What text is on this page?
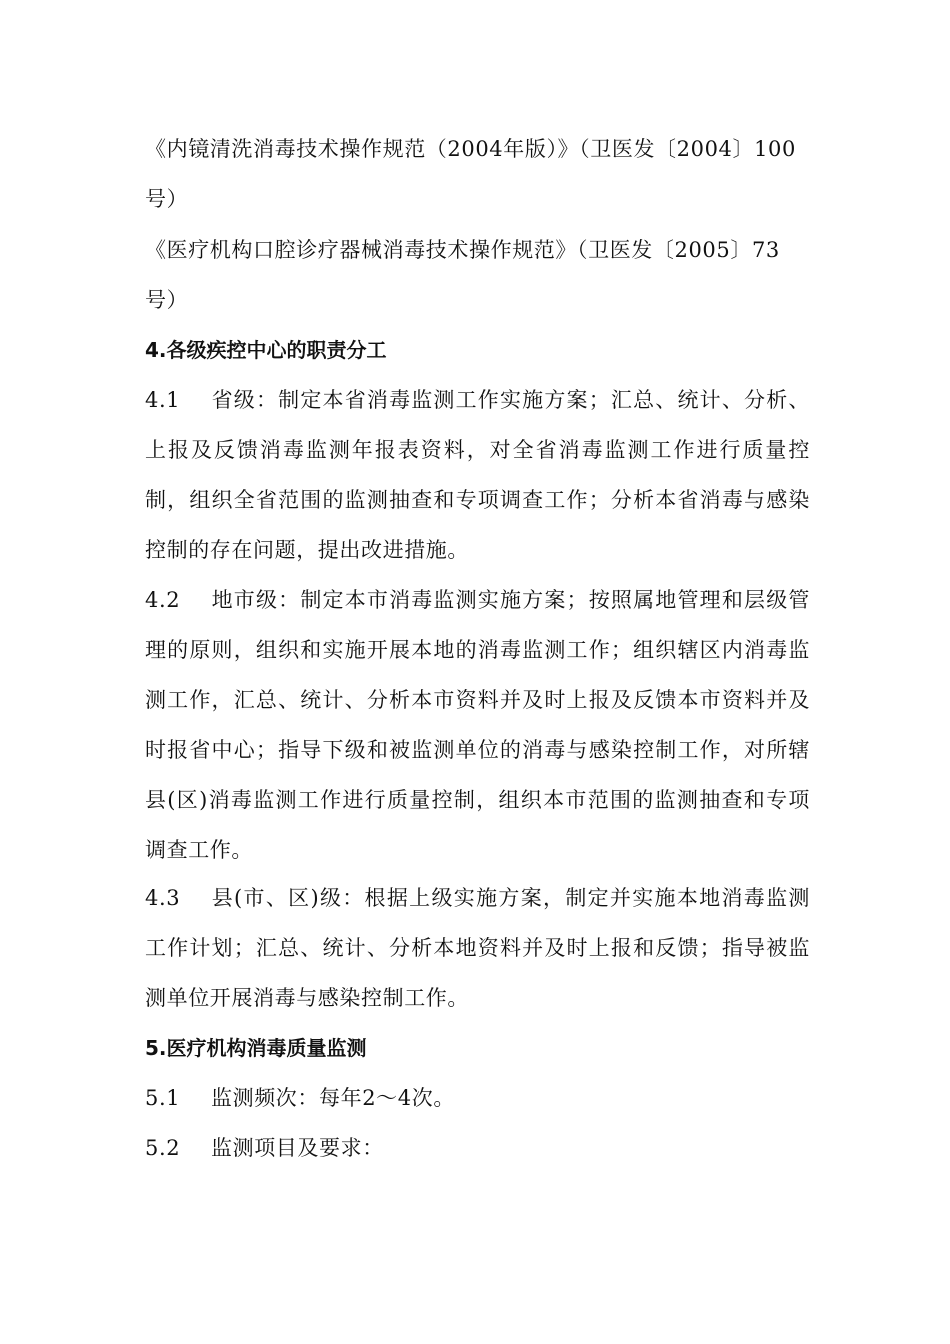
《内镜清洗消毒技术操作规范（2004年版）》（卫医发〔2004〕100号）
《医疗机构口腔诊疗器械消毒技术操作规范》（卫医发〔2005〕73号）
4.各级疾控中心的职责分工
4.1 省级：制定本省消毒监测工作实施方案；汇总、统计、分析、上报及反馈消毒监测年报表资料，对全省消毒监测工作进行质量控制，组织全省范围的监测抽查和专项调查工作；分析本省消毒与感染控制的存在问题，提出改进措施。
4.2 地市级：制定本市消毒监测实施方案；按照属地管理和层级管理的原则，组织和实施开展本地的消毒监测工作；组织辖区内消毒监测工作，汇总、统计、分析本市资料并及时上报及反馈本市资料并及时报省中心；指导下级和被监测单位的消毒与感染控制工作，对所辖县(区)消毒监测工作进行质量控制，组织本市范围的监测抽查和专项调查工作。
4.3 县(市、区)级：根据上级实施方案，制定并实施本地消毒监测工作计划；汇总、统计、分析本地资料并及时上报和反馈；指导被监测单位开展消毒与感染控制工作。
5.医疗机构消毒质量监测
5.1 监测频次：每年2～4次。
5.2 监测项目及要求：
